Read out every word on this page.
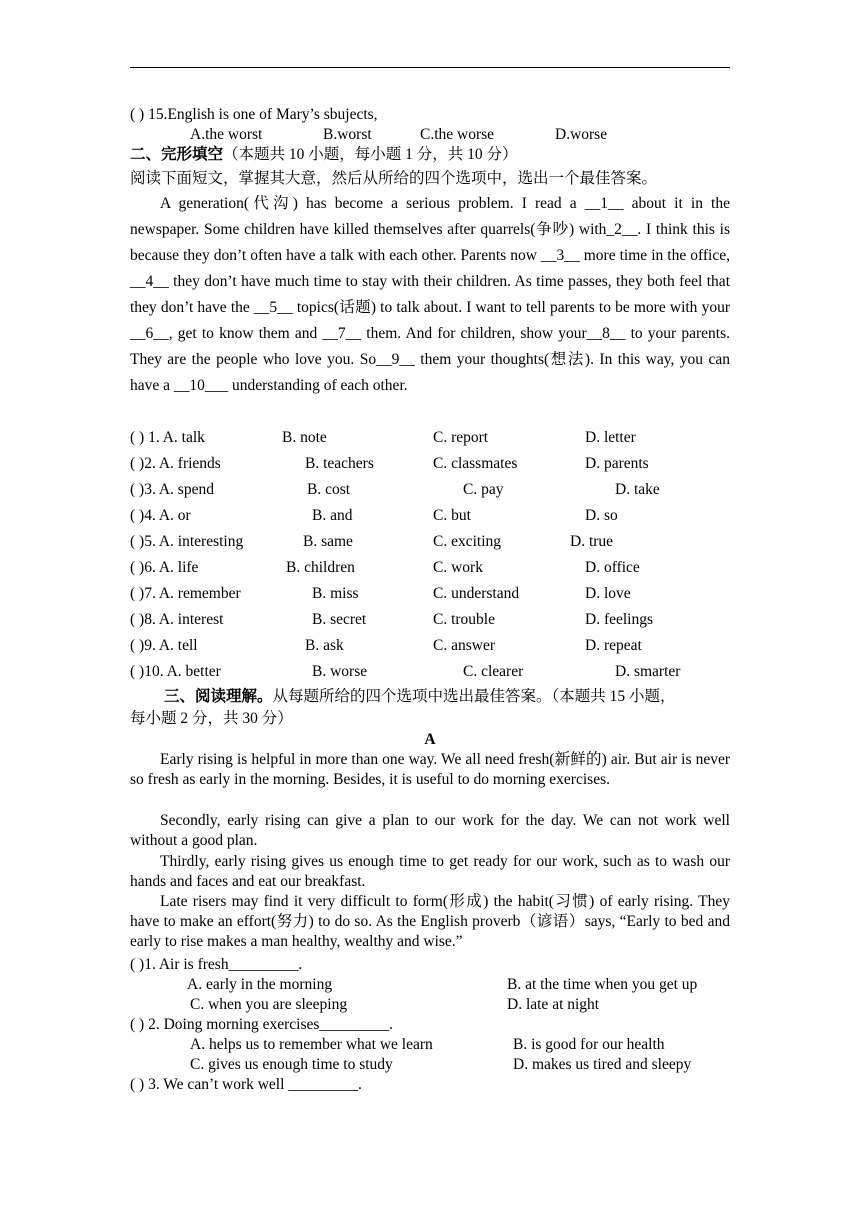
( ) 15.English is one of Mary’s sbujects,
A.the worst	B.worst	C.the worse	D.worse
二、完形填空（本题共 10 小题，每小题 1 分，共 10 分）
阅读下面短文，掌握其大意，然后从所给的四个选项中，选出一个最佳答案。
A generation(代沟) has become a serious problem. I read a __1__ about it in the newspaper. Some children have killed themselves after quarrels(争吵) with_2__. I think this is because they don’t often have a talk with each other. Parents now __3__ more time in the office, __4__ they don’t have much time to stay with their children. As time passes, they both feel that they don’t have the __5__ topics(话题) to talk about. I want to tell parents to be more with your __6__, get to know them and __7__ them. And for children, show your__8__ to your parents. They are the people who love you. So__9__ them your thoughts(想法). In this way, you can have a __10___ understanding of each other.
( ) 1. A. talk	B. note	C. report	D. letter
( )2. A. friends	B. teachers	C. classmates	D. parents
( )3. A. spend	B. cost	C. pay	D. take
( )4. A. or	B. and	C. but	D. so
( )5. A. interesting	B. same	C. exciting	D. true
( )6. A. life	B. children	C. work	D. office
( )7. A. remember	B. miss	C. understand	D. love
( )8. A. interest	B. secret	C. trouble	D. feelings
( )9. A. tell	B. ask	C. answer	D. repeat
( )10. A. better	B. worse	C. clearer	D. smarter
三、阅读理解。从每题所给的四个选项中选出最佳答案。（本题共 15 小题，
每小题 2 分，共 30 分）
A
Early rising is helpful in more than one way. We all need fresh(新鲜的) air. But air is never so fresh as early in the morning. Besides, it is useful to do morning exercises.
Secondly, early rising can give a plan to our work for the day. We can not work well without a good plan.
Thirdly, early rising gives us enough time to get ready for our work, such as to wash our hands and faces and eat our breakfast.
Late risers may find it very difficult to form(形成) the habit(习惯) of early rising. They have to make an effort(努力) to do so. As the English proverb（谚语）says, “Early to bed and early to rise makes a man healthy, wealthy and wise.”
( )1. Air is fresh_________.
A. early in the morning	B. at the time when you get up
C. when you are sleeping	D. late at night
( ) 2. Doing morning exercises_________.
A. helps us to remember what we learn	B. is good for our health
C. gives us enough time to study	D. makes us tired and sleepy
( ) 3. We can’t work well _________.
